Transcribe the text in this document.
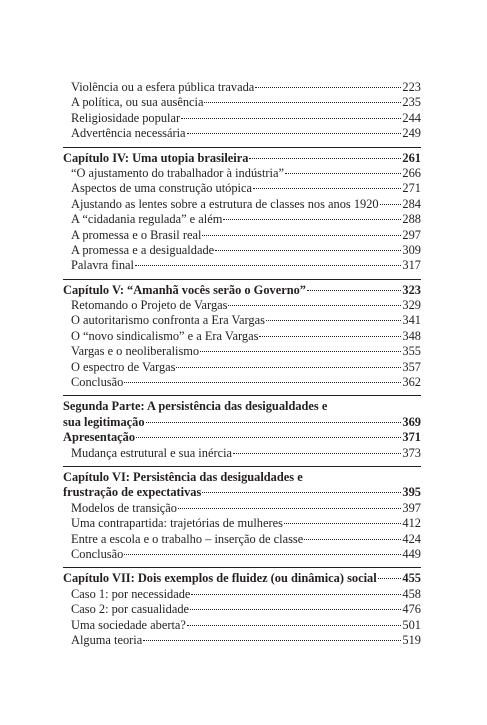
Violência ou a esfera pública travada	223
A política, ou sua ausência	235
Religiosidade popular	244
Advertência necessária	249
Capítulo IV: Uma utopia brasileira	261
“O ajustamento do trabalhador à indústria”	266
Aspectos de uma construção utópica	271
Ajustando as lentes sobre a estrutura de classes nos anos 1920 284
A “cidadania regulada” e além	288
A promessa e o Brasil real	297
A promessa e a desigualdade	309
Palavra final	317
Capítulo V: “Amanhã vocês serão o Governo”	323
Retomando o Projeto de Vargas	329
O autoritarismo confronta a Era Vargas	341
O “novo sindicalismo” e a Era Vargas	348
Vargas e o neoliberalismo	355
O espectro de Vargas	357
Conclusão	362
Segunda Parte: A persistência das desigualdades e
sua legitimação	369
Apresentação	371
Mudança estrutural e sua inércia	373
Capítulo VI: Persistência das desigualdades e
frustração de expectativas	395
Modelos de transição	397
Uma contrapartida: trajetórias de mulheres	412
Entre a escola e o trabalho – inserção de classe	424
Conclusão	449
Capítulo VII: Dois exemplos de fluidez (ou dinâmica) social 455
Caso 1: por necessidade	458
Caso 2: por casualidade	476
Uma sociedade aberta?	501
Alguma teoria	519
